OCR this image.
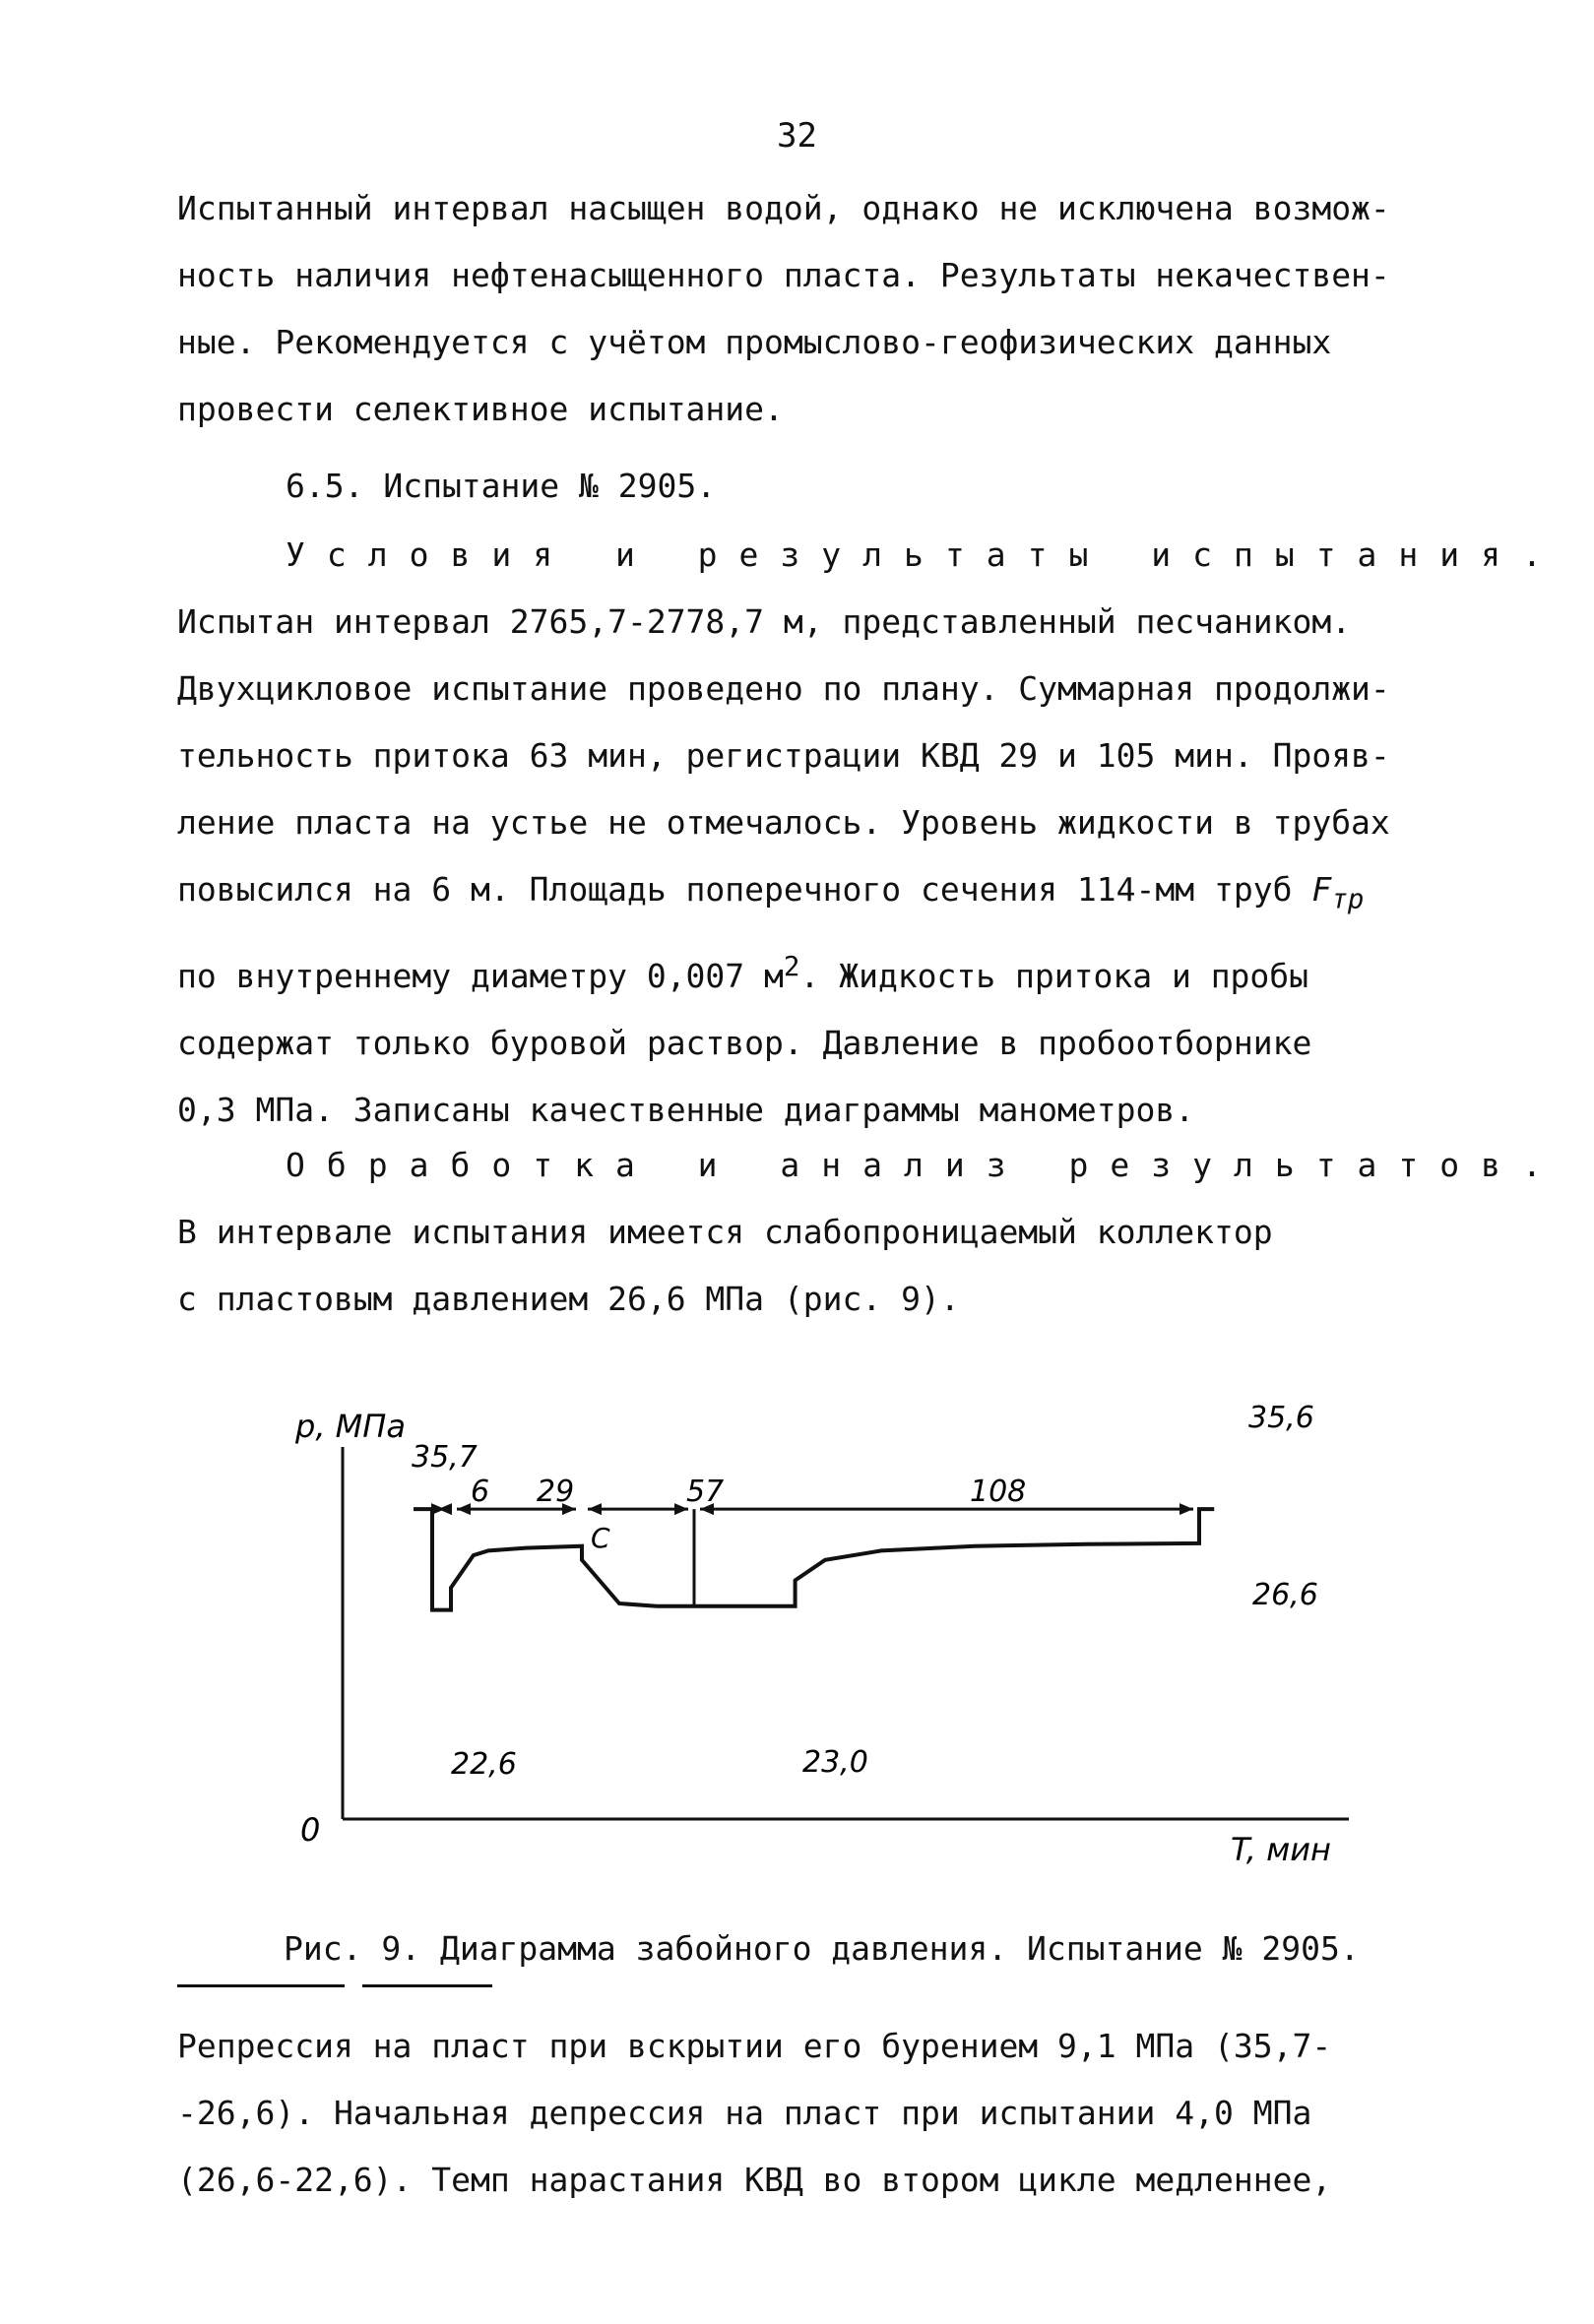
32
Испытанный интервал насыщен водой, однако не исключена возмож-
ность наличия нефтенасыщенного пласта. Результаты некачествен-
ные. Рекомендуется с учётом промыслово-геофизических данных
провести селективное испытание.
6.5. Испытание № 2905.
Условия и результаты испытания.
Испытан интервал 2765,7-2778,7 м, представленный песчаником.
Двухцикловое испытание проведено по плану. Суммарная продолжи-
тельность притока 63 мин, регистрации КВД 29 и 105 мин. Прояв-
ление пласта на устье не отмечалось. Уровень жидкости в трубах
повысился на 6 м. Площадь поперечного сечения 114-мм труб $F_{тр}$
по внутреннему диаметру 0,007 $м^2$. Жидкость притока и пробы
содержат только буровой раствор. Давление в пробоотборнике
0,3 МПа. Записаны качественные диаграммы манометров.
Обработка и анализ результатов.
В интервале испытания имеется слабопроницаемый коллектор
с пластовым давлением 26,6 МПа (рис. 9).
р, МПа
T, мин
0
35,7
35,6
22,6	23,0
26,6
6 29	57	108
С
Рис. 9. Диаграмма забойного давления. Испытание № 2905.
Репрессия на пласт при вскрытии его бурением 9,1 МПа (35,7-
-26,6). Начальная депрессия на пласт при испытании 4,0 МПа
(26,6-22,6). Темп нарастания КВД во втором цикле медленнее,
